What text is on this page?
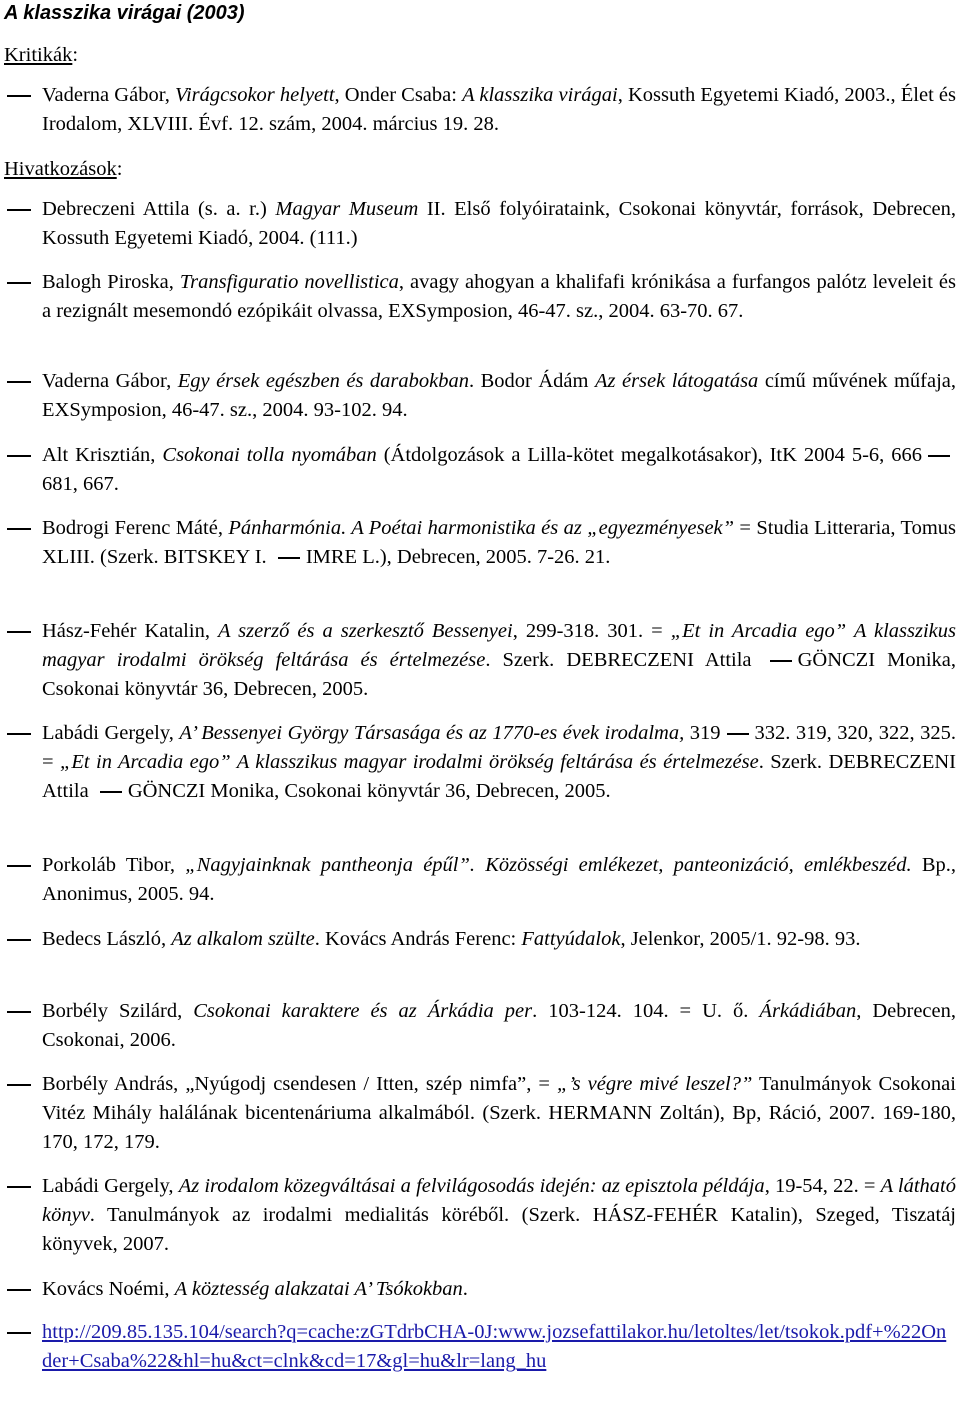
A klasszika virágai (2003)
Kritikák:
Hivatkozások:
Vaderna Gábor, Virágcsokor helyett, Onder Csaba: A klasszika virágai, Kossuth Egyetemi Kiadó, 2003., Élet és Irodalom, XLVIII. Évf. 12. szám, 2004. március 19. 28.
Debreczeni Attila (s. a. r.) Magyar Museum II. Első folyóirataink, Csokonai könyvtár, források, Debrecen, Kossuth Egyetemi Kiadó, 2004. (111.)
Balogh Piroska, Transfiguratio novellistica, avagy ahogyan a khalifafi krónikása a furfangos palótz leveleit és a rezignált mesemondó ezópikáit olvassa, EXSymposion, 46-47. sz., 2004. 63-70. 67.
Vaderna Gábor, Egy érsek egészben és darabokban. Bodor Ádám Az érsek látogatása című művének műfaja, EXSymposion, 46-47. sz., 2004. 93-102. 94.
Alt Krisztián, Csokonai tolla nyomában (Átdolgozások a Lilla-kötet megalkotásakor), ItK 2004 5-6, 666681, 667.
Bodrogi Ferenc Máté, Pánharmónia. A Poétai harmonistika és az „egyezményesek” = Studia Litteraria, Tomus XLIII. (Szerk. BITSKEY I. IMRE L.), Debrecen, 2005. 7-26. 21.
Hász-Fehér Katalin, A szerző és a szerkesztő Bessenyei, 299-318. 301. = „Et in Arcadia ego” A klasszikus magyar irodalmi örökség feltárása és értelmezése. Szerk. DEBRECZENI Attila GÖNCZI Monika, Csokonai könyvtár 36, Debrecen, 2005.
Labádi Gergely, A’ Bessenyei György Társasága és az 1770-es évek irodalma, 319 332. 319, 320, 322, 325. = „Et in Arcadia ego” A klasszikus magyar irodalmi örökség feltárása és értelmezése. Szerk. DEBRECZENI Attila GÖNCZI Monika, Csokonai könyvtár 36, Debrecen, 2005.
Porkoláb Tibor, „Nagyjainknak pantheonja épűl”. Közösségi emlékezet, panteonizáció, emlékbeszéd. Bp., Anonimus, 2005. 94.
Bedecs László, Az alkalom szülte. Kovács András Ferenc: Fattyúdalok, Jelenkor, 2005/1. 92-98. 93.
Borbély Szilárd, Csokonai karaktere és az Árkádia per. 103-124. 104. = U. ő. Árkádiában, Debrecen, Csokonai, 2006.
Borbély András, „Nyúgodj csendesen / Itten, szép nimfa”, = „’s végre mivé leszel?” Tanulmányok Csokonai Vitéz Mihály halálának bicentenáriuma alkalmából. (Szerk. HERMANN Zoltán), Bp, Ráció, 2007. 169-180, 170, 172, 179.
Labádi Gergely, Az irodalom közegváltásai a felvilágosodás idején: az episztola példája, 19-54, 22. = A látható könyv. Tanulmányok az irodalmi medialitás köréből. (Szerk. HÁSZ-FEHÉR Katalin), Szeged, Tiszatáj könyvek, 2007.
Kovács Noémi, A köztesség alakzatai A’ Tsókokban.
http://209.85.135.104/search?q=cache:zGTdrbCHA-0J:www.jozsefattilakor.hu/letoltes/let/tsokok.pdf+%22Onder+Csaba%22&hl=hu&ct=clnk&cd=17&gl=hu&lr=lang_hu
